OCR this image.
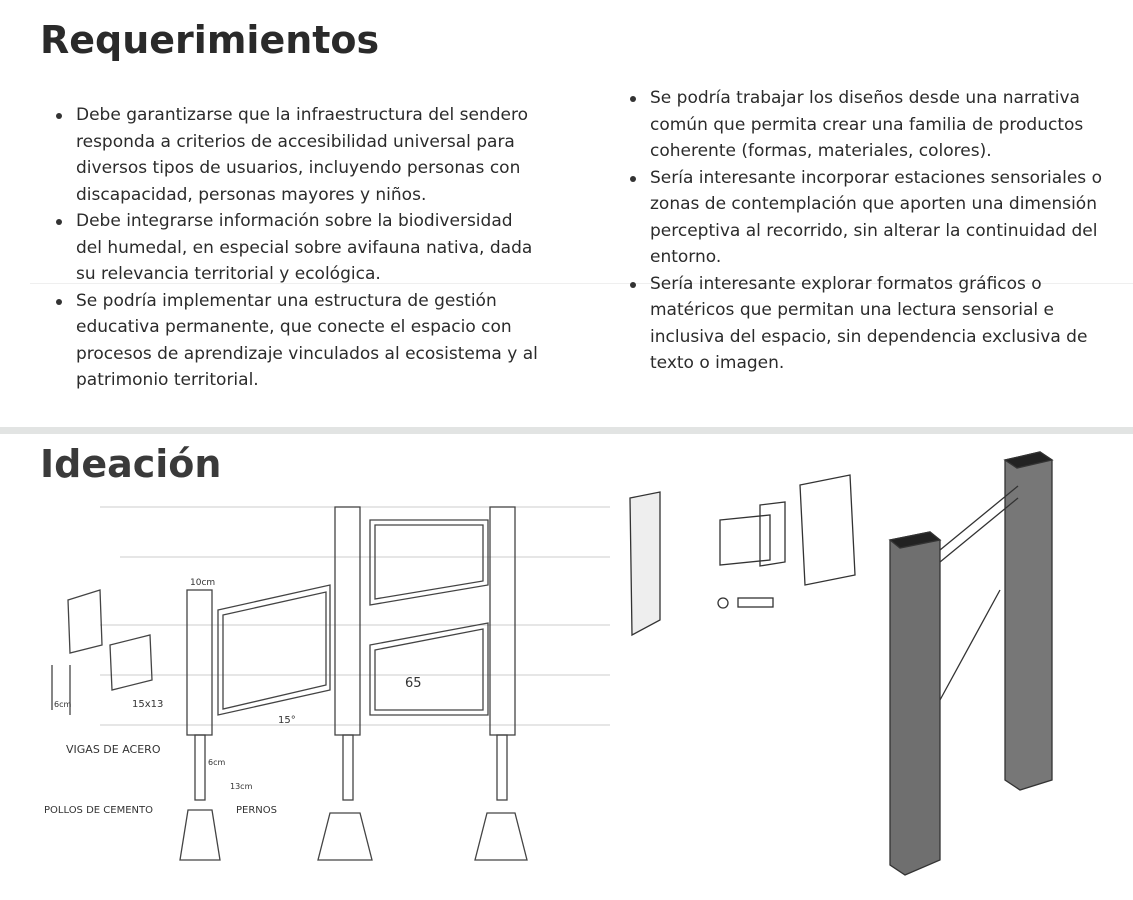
Requerimientos
Debe garantizarse que la infraestructura del sendero responda a criterios de accesibilidad universal para diversos tipos de usuarios, incluyendo personas con discapacidad, personas mayores y niños.
Debe integrarse información sobre la biodiversidad del humedal, en especial sobre avifauna nativa, dada su relevancia territorial y ecológica.
Se podría implementar una estructura de gestión educativa permanente, que conecte el espacio con procesos de aprendizaje vinculados al ecosistema y al patrimonio territorial.
Se podría trabajar los diseños desde una narrativa común que permita crear una familia de productos coherente (formas, materiales, colores).
Sería interesante incorporar estaciones sensoriales o zonas de contemplación que aporten una dimensión perceptiva al recorrido, sin alterar la continuidad del entorno.
Sería interesante explorar formatos gráficos o matéricos que permitan una lectura sensorial e inclusiva del espacio, sin dependencia exclusiva de texto o imagen.
Ideación
10cm
6cm	15x13
VIGAS DE ACERO
6cm
13cm
POLLOS DE CEMENTO	PERNOS
15°
65
